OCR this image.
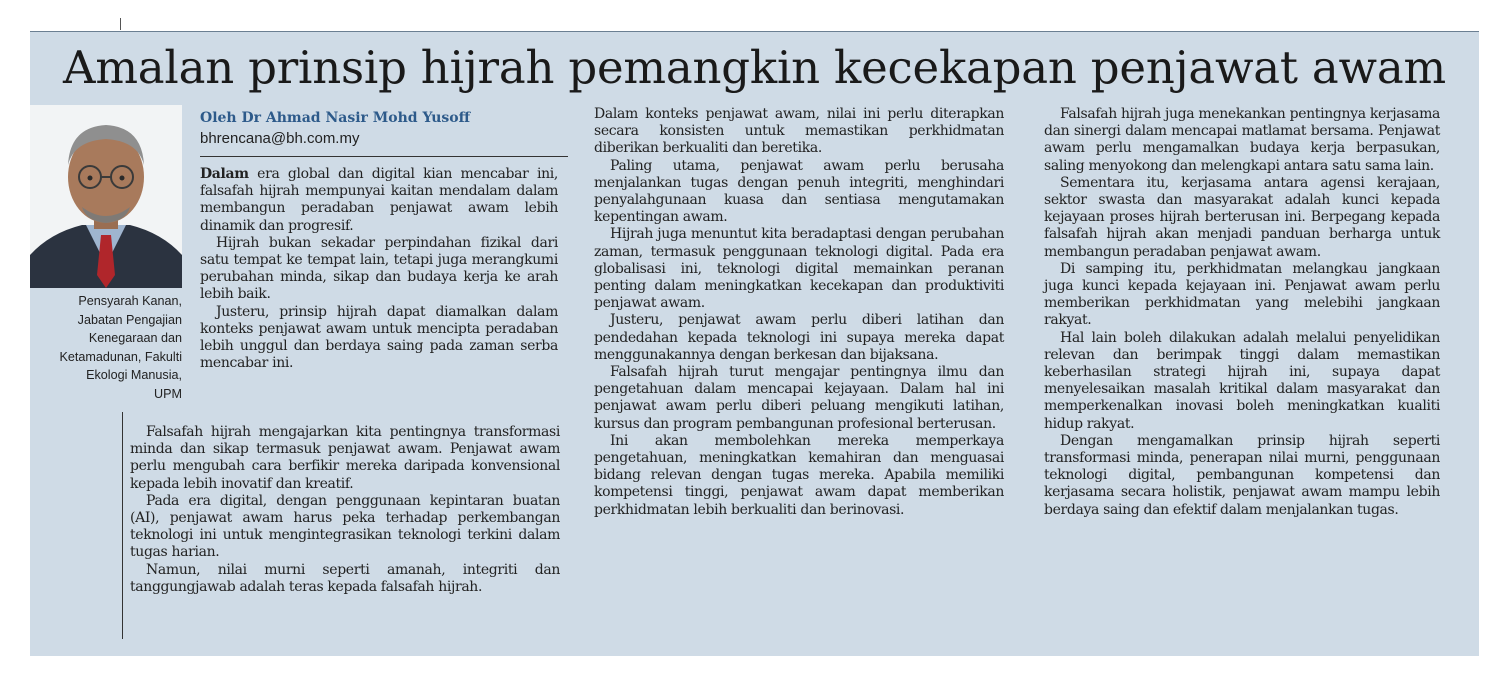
Amalan prinsip hijrah pemangkin kecekapan penjawat awam
Pensyarah Kanan,
Jabatan Pengajian
Kenegaraan dan
Ketamadunan, Fakulti
Ekologi Manusia,
UPM
Oleh Dr Ahmad Nasir Mohd Yusoff
bhrencana@bh.com.my

Dalam era global dan digital kian mencabar ini, falsafah hijrah mempunyai kaitan mendalam dalam membangun peradaban penjawat awam lebih dinamik dan progresif.

Hijrah bukan sekadar perpindahan fizikal dari satu tempat ke tempat lain, tetapi juga merangkumi perubahan minda, sikap dan budaya kerja ke arah lebih baik.

Justeru, prinsip hijrah dapat diamalkan dalam konteks penjawat awam untuk mencipta peradaban lebih unggul dan berdaya saing pada zaman serba mencabar ini.

Falsafah hijrah mengajarkan kita pentingnya transformasi minda dan sikap termasuk penjawat awam. Penjawat awam perlu mengubah cara berfikir mereka daripada konvensional kepada lebih inovatif dan kreatif.

Pada era digital, dengan penggunaan kepintaran buatan (AI), penjawat awam harus peka terhadap perkembangan teknologi ini untuk mengintegrasikan teknologi terkini dalam tugas harian.

Namun, nilai murni seperti amanah, integriti dan tanggungjawab adalah teras kepada falsafah hijrah.

Dalam konteks penjawat awam, nilai ini perlu diterapkan secara konsisten untuk memastikan perkhidmatan diberikan berkualiti dan beretika.

Paling utama, penjawat awam perlu berusaha menjalankan tugas dengan penuh integriti, menghindari penyalahgunaan kuasa dan sentiasa mengutamakan kepentingan awam.

Hijrah juga menuntut kita beradaptasi dengan perubahan zaman, termasuk penggunaan teknologi digital. Pada era globalisasi ini, teknologi digital memainkan peranan penting dalam meningkatkan kecekapan dan produktiviti penjawat awam.

Justeru, penjawat awam perlu diberi latihan dan pendedahan kepada teknologi ini supaya mereka dapat menggunakannya dengan berkesan dan bijaksana.

Falsafah hijrah turut mengajar pentingnya ilmu dan pengetahuan dalam mencapai kejayaan. Dalam hal ini penjawat awam perlu diberi peluang mengikuti latihan, kursus dan program pembangunan profesional berterusan.

Ini akan membolehkan mereka memperkaya pengetahuan, meningkatkan kemahiran dan menguasai bidang relevan dengan tugas mereka. Apabila memiliki kompetensi tinggi, penjawat awam dapat memberikan perkhidmatan lebih berkualiti dan berinovasi.

Falsafah hijrah juga menekankan pentingnya kerjasama dan sinergi dalam mencapai matlamat bersama. Penjawat awam perlu mengamalkan budaya kerja berpasukan, saling menyokong dan melengkapi antara satu sama lain.

Sementara itu, kerjasama antara agensi kerajaan, sektor swasta dan masyarakat adalah kunci kepada kejayaan proses hijrah berterusan ini. Berpegang kepada falsafah hijrah akan menjadi panduan berharga untuk membangun peradaban penjawat awam.

Di samping itu, perkhidmatan melangkau jangkaan juga kunci kepada kejayaan ini. Penjawat awam perlu memberikan perkhidmatan yang melebihi jangkaan rakyat.

Hal lain boleh dilakukan adalah melalui penyelidikan relevan dan berimpak tinggi dalam memastikan keberhasilan strategi hijrah ini, supaya dapat menyelesaikan masalah kritikal dalam masyarakat dan memperkenalkan inovasi boleh meningkatkan kualiti hidup rakyat.

Dengan mengamalkan prinsip hijrah seperti transformasi minda, penerapan nilai murni, penggunaan teknologi digital, pembangunan kompetensi dan kerjasama secara holistik, penjawat awam mampu lebih berdaya saing dan efektif dalam menjalankan tugas.
